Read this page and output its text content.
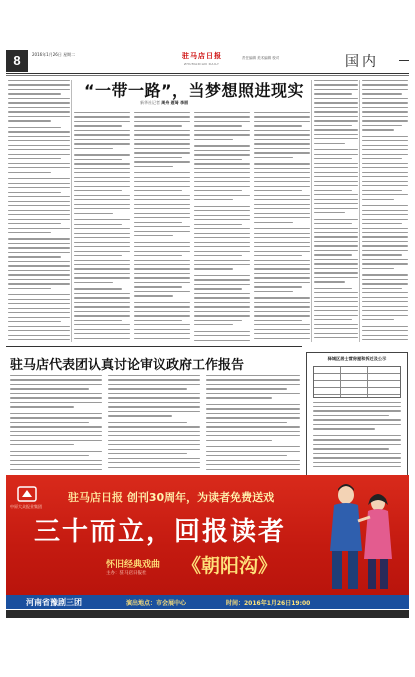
8	2016年1月26日 星期二	驻马店日报
ZHUMADIAN DAILY
责任编辑 美术编辑 校对	国内
“一带一路”，当梦想照进现实
新华社记者 周舟 聂琦 李丽
驻马店代表团认真讨论审议政府工作报告	驿城区居士营房屋和拆迁及公示
中原大众报业集团
驻马店日报 创刊30周年，为读者免费送戏
三十而立，回报读者
怀旧经典戏曲
主办：驻马店日报社 《朝阳沟》
河南省豫剧三团	演出地点：市会展中心	时间：2016年1月26日19:00
